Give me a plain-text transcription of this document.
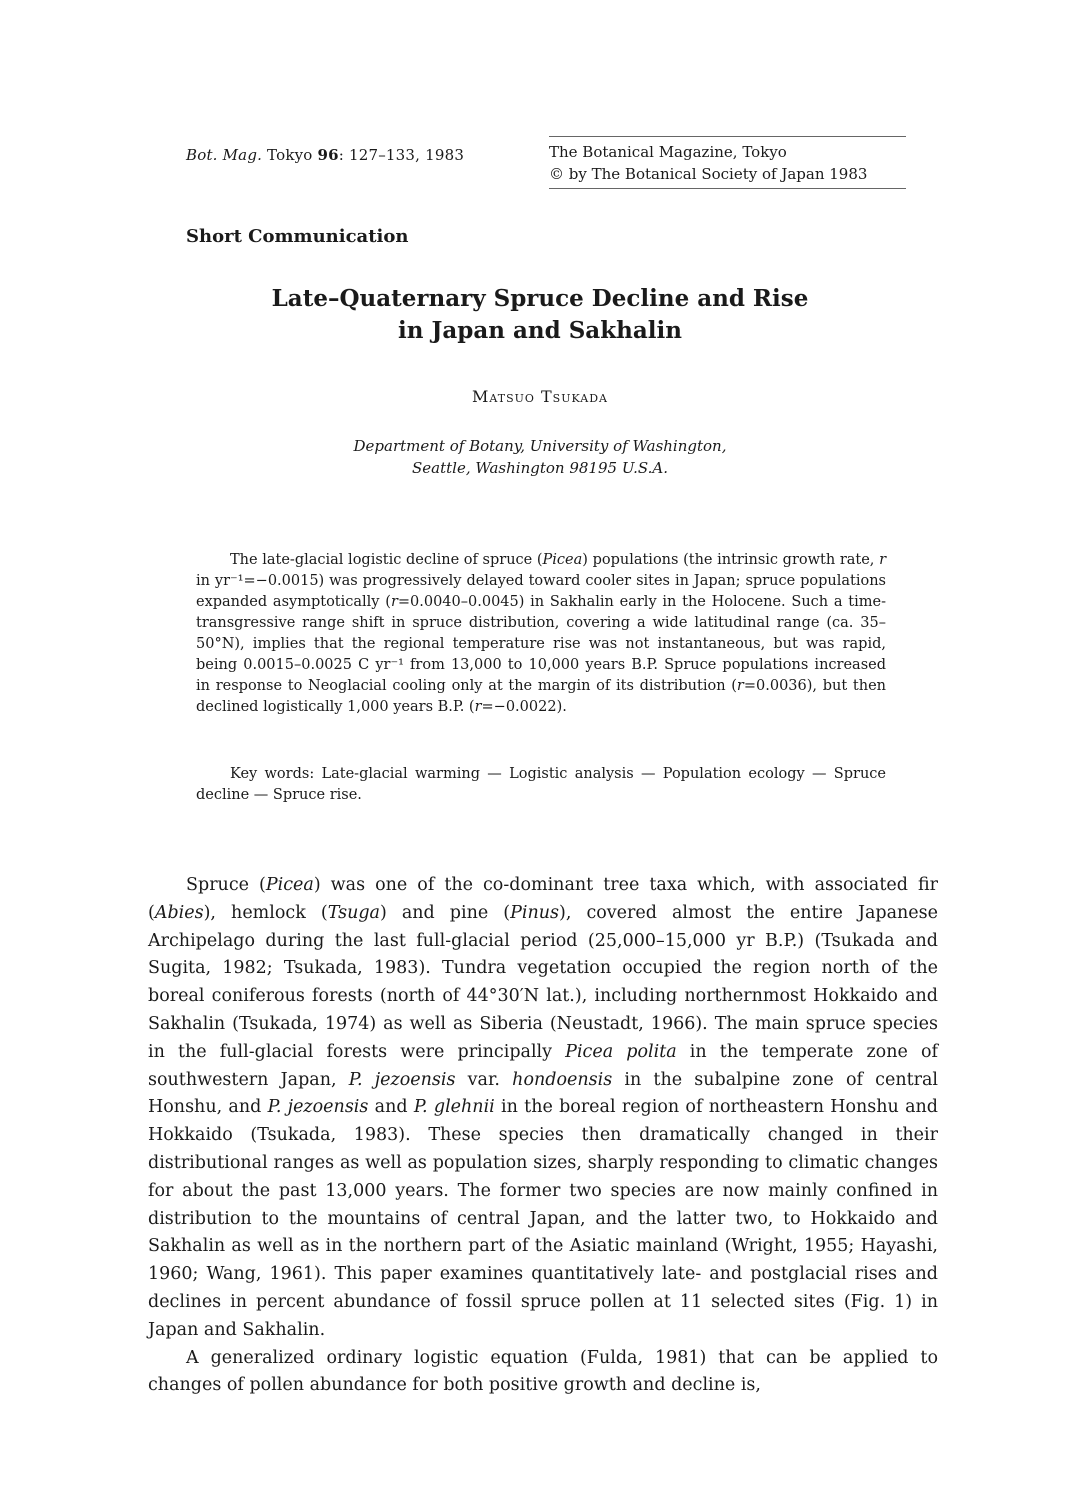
Bot. Mag. Tokyo 96: 127–133, 1983	The Botanical Magazine, Tokyo
© by The Botanical Society of Japan 1983
Short Communication
Late–Quaternary Spruce Decline and Rise
in Japan and Sakhalin
Matsuo Tsukada
Department of Botany, University of Washington,
Seattle, Washington 98195 U.S.A.
The late-glacial logistic decline of spruce (Picea) populations (the intrinsic growth rate, r in yr⁻¹=−0.0015) was progressively delayed toward cooler sites in Japan; spruce populations expanded asymptotically (r=0.0040–0.0045) in Sakhalin early in the Holocene. Such a time-transgressive range shift in spruce distribution, covering a wide latitudinal range (ca. 35–50°N), implies that the regional temperature rise was not instantaneous, but was rapid, being 0.0015–0.0025 C yr⁻¹ from 13,000 to 10,000 years B.P. Spruce populations increased in response to Neoglacial cooling only at the margin of its distribution (r=0.0036), but then declined logistically 1,000 years B.P. (r=−0.0022).
Key words: Late-glacial warming — Logistic analysis — Population ecology — Spruce decline — Spruce rise.

Spruce (Picea) was one of the co-dominant tree taxa which, with associated fir (Abies), hemlock (Tsuga) and pine (Pinus), covered almost the entire Japanese Archipelago during the last full-glacial period (25,000–15,000 yr B.P.) (Tsukada and Sugita, 1982; Tsukada, 1983). Tundra vegetation occupied the region north of the boreal coniferous forests (north of 44°30′N lat.), including northernmost Hokkaido and Sakhalin (Tsukada, 1974) as well as Siberia (Neustadt, 1966). The main spruce species in the full-glacial forests were principally Picea polita in the temperate zone of southwestern Japan, P. jezoensis var. hondoensis in the subalpine zone of central Honshu, and P. jezoensis and P. glehnii in the boreal region of northeastern Honshu and Hokkaido (Tsukada, 1983). These species then dramatically changed in their distributional ranges as well as population sizes, sharply responding to climatic changes for about the past 13,000 years. The former two species are now mainly confined in distribution to the mountains of central Japan, and the latter two, to Hokkaido and Sakhalin as well as in the northern part of the Asiatic mainland (Wright, 1955; Hayashi, 1960; Wang, 1961). This paper examines quantitatively late- and postglacial rises and declines in percent abundance of fossil spruce pollen at 11 selected sites (Fig. 1) in Japan and Sakhalin.

A generalized ordinary logistic equation (Fulda, 1981) that can be applied to changes of pollen abundance for both positive growth and decline is,
